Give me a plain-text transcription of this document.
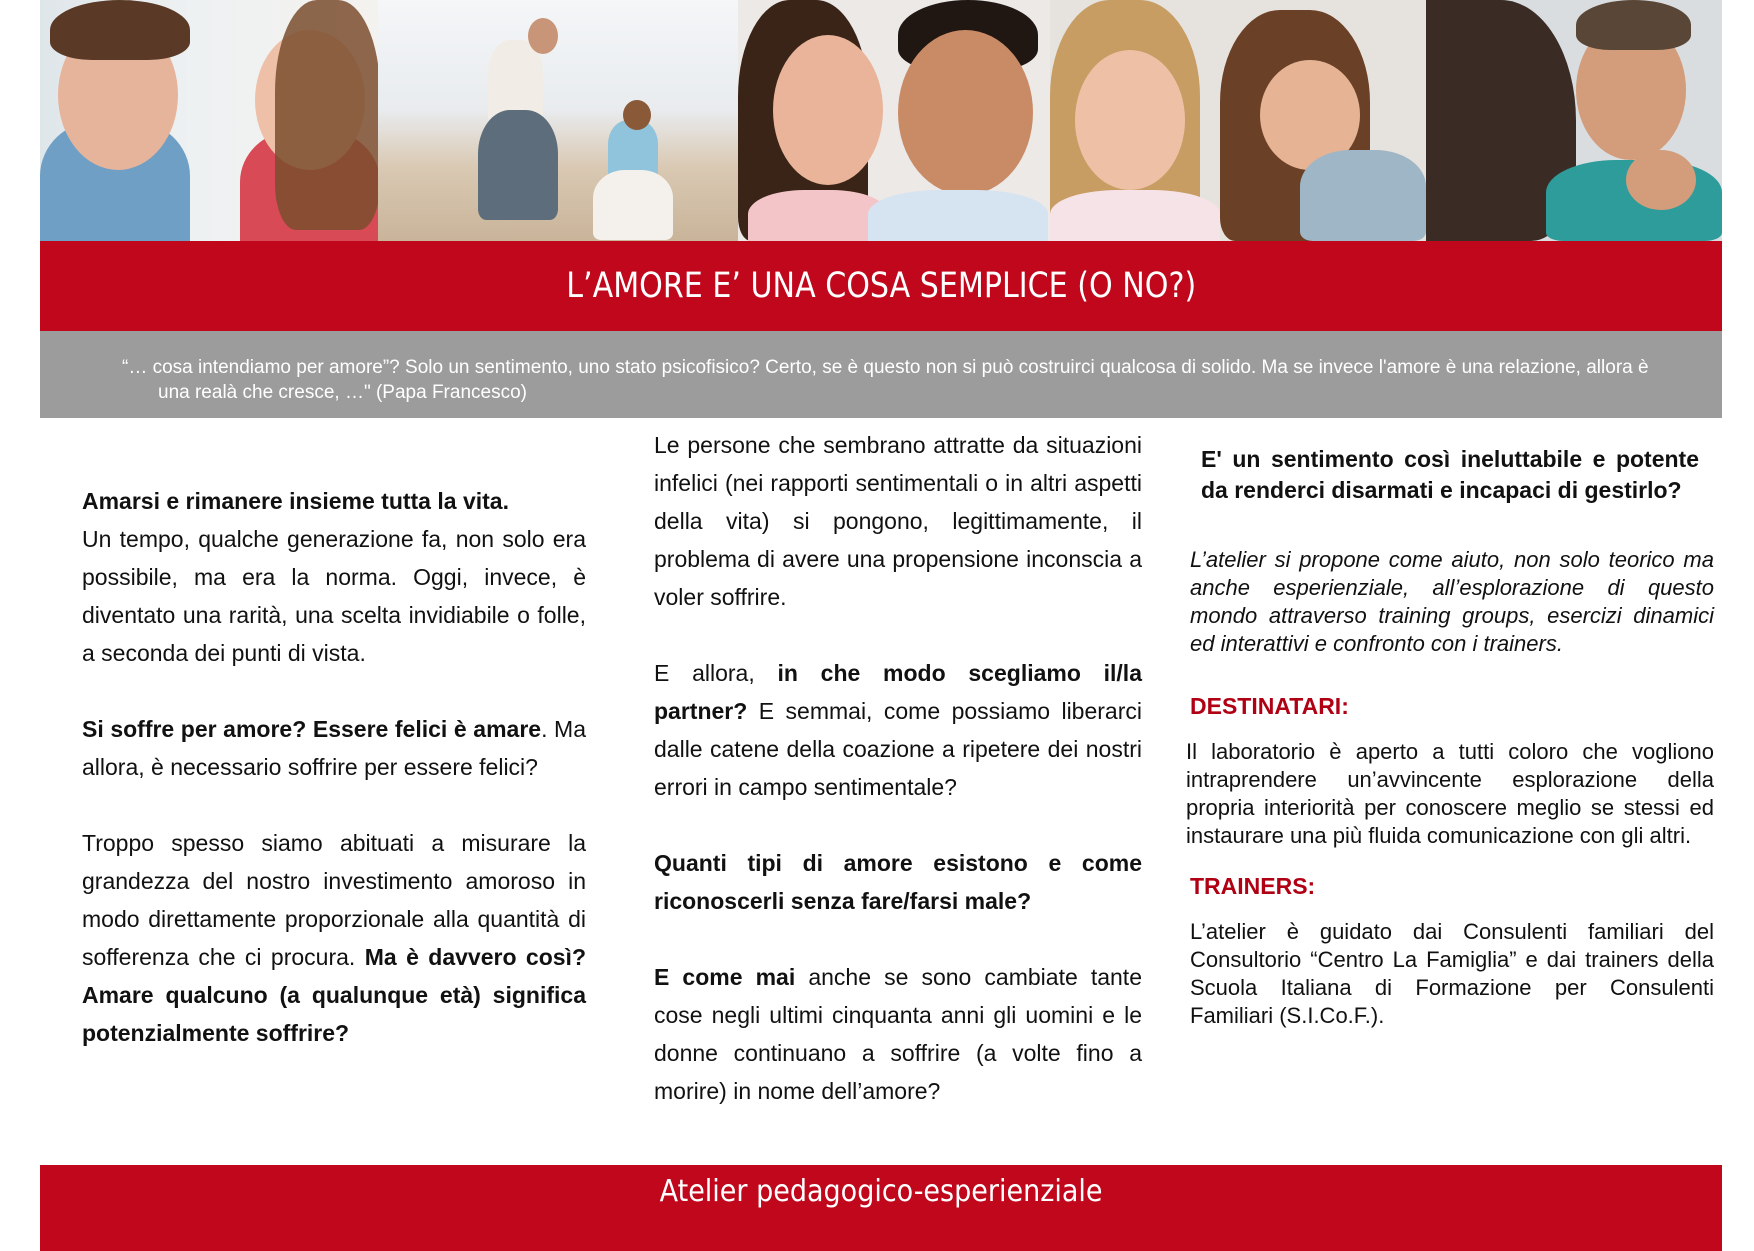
L’AMORE E’ UNA COSA SEMPLICE (O NO?)

“… cosa intendiamo per amore”? Solo un sentimento, uno stato psicofisico? Certo, se è questo non si può costruirci qualcosa di solido. Ma se invece l'amore è una relazione, allora è una realà che cresce, …" (Papa Francesco)

Amarsi e rimanere insieme tutta la vita.
Un tempo, qualche generazione fa, non solo era possibile, ma era la norma. Oggi, invece, è diventato una rarità, una scelta invidiabile o folle, a seconda dei punti di vista.

Si soffre per amore? Essere felici è amare. Ma allora, è necessario soffrire per essere felici?

Troppo spesso siamo abituati a misurare la grandezza del nostro investimento amoroso in modo direttamente proporzionale alla quantità di sofferenza che ci procura. Ma è davvero così? Amare qualcuno (a qualunque età) significa potenzialmente soffrire?

Le persone che sembrano attratte da situazioni infelici (nei rapporti sentimentali o in altri aspetti della vita) si pongono, legittimamente, il problema di avere una propensione inconscia a voler soffrire.

E allora, in che modo scegliamo il/la partner? E semmai, come possiamo liberarci dalle catene della coazione a ripetere dei nostri errori in campo sentimentale?

Quanti tipi di amore esistono e come riconoscerli senza fare/farsi male?

E come mai anche se sono cambiate tante cose negli ultimi cinquanta anni gli uomini e le donne continuano a soffrire (a volte fino a morire) in nome dell’amore?

E' un sentimento così ineluttabile e potente da renderci disarmati e incapaci di gestirlo?

L’atelier si propone come aiuto, non solo teorico ma anche esperienziale, all’esplorazione di questo mondo attraverso training groups, esercizi dinamici ed interattivi e confronto con i trainers.

DESTINATARI:

Il laboratorio è aperto a tutti coloro che vogliono intraprendere un’avvincente esplorazione della propria interiorità per conoscere meglio se stessi ed instaurare una più fluida comunicazione con gli altri.

TRAINERS:

L’atelier è guidato dai Consulenti familiari del Consultorio “Centro La Famiglia” e dai trainers della Scuola Italiana di Formazione per Consulenti Familiari (S.I.Co.F.).

Atelier pedagogico-esperienziale
